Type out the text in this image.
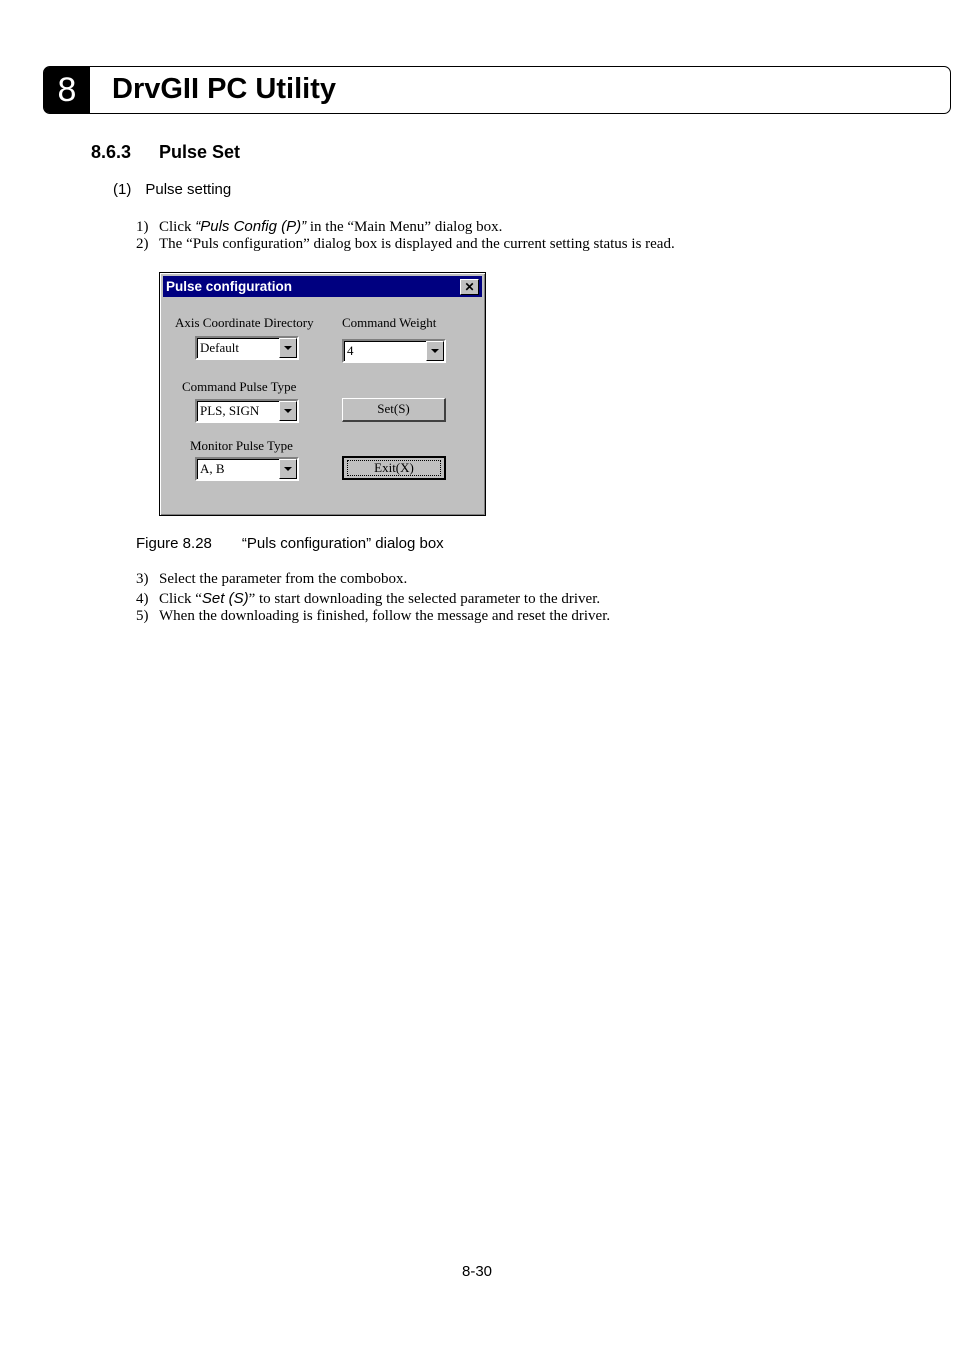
8	DrvGII PC Utility
8.6.3 Pulse Set
(1) Pulse setting
1) Click “Puls Config (P)” in the “Main Menu” dialog box.
2) The “Puls configuration” dialog box is displayed and the current setting status is read.
Pulse configuration	✕
Axis Coordinate Directory
Default
Command Weight
4
Command Pulse Type
PLS, SIGN	Set(S)
Monitor Pulse Type
A, B	Exit(X)
Figure 8.28 “Puls configuration” dialog box
3) Select the parameter from the combobox.
4) Click “Set (S)” to start downloading the selected parameter to the driver.
5) When the downloading is finished, follow the message and reset the driver.
8-30
